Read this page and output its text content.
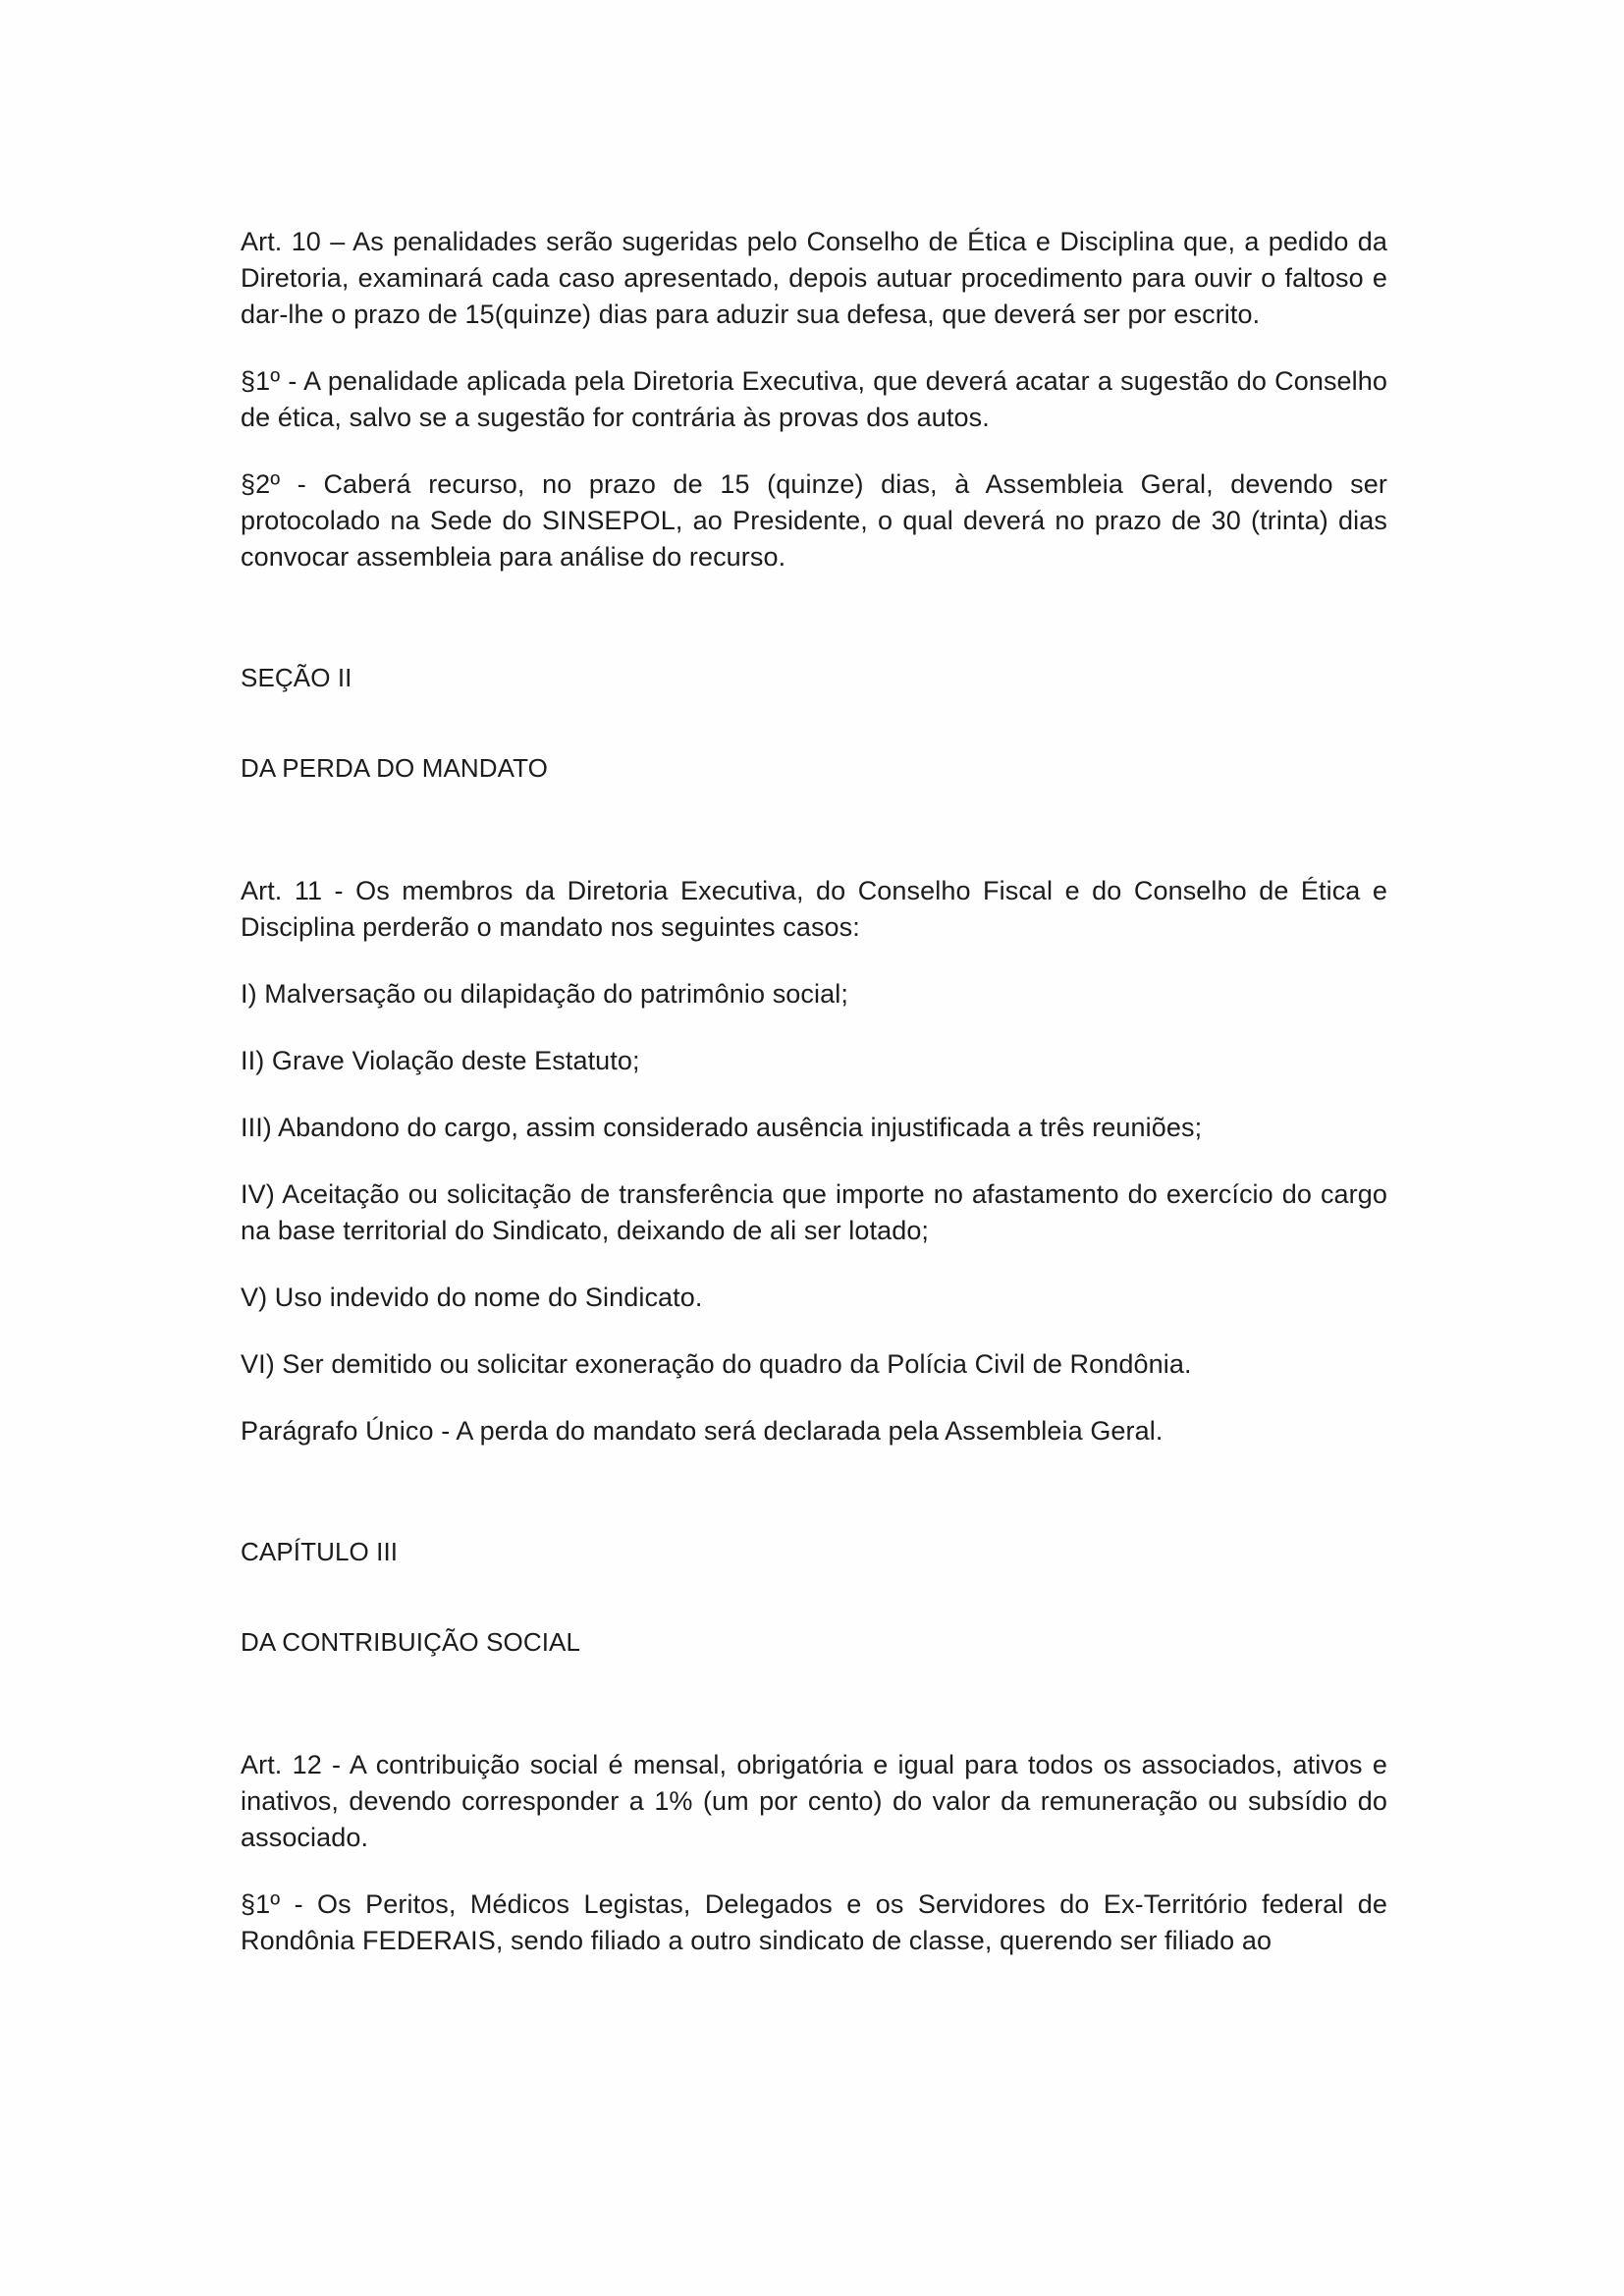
Art. 10 – As penalidades serão sugeridas pelo Conselho de Ética e Disciplina que, a pedido da Diretoria, examinará cada caso apresentado, depois autuar procedimento para ouvir o faltoso e dar-lhe o prazo de 15(quinze) dias para aduzir sua defesa, que deverá ser por escrito.

§1º - A penalidade aplicada pela Diretoria Executiva, que deverá acatar a sugestão do Conselho de ética, salvo se a sugestão for contrária às provas dos autos.

§2º - Caberá recurso, no prazo de 15 (quinze) dias, à Assembleia Geral, devendo ser protocolado na Sede do SINSEPOL, ao Presidente, o qual deverá no prazo de 30 (trinta) dias convocar assembleia para análise do recurso.

SEÇÃO II

DA PERDA DO MANDATO

Art. 11 - Os membros da Diretoria Executiva, do Conselho Fiscal e do Conselho de Ética e Disciplina perderão o mandato nos seguintes casos:

I) Malversação ou dilapidação do patrimônio social;

II) Grave Violação deste Estatuto;

III) Abandono do cargo, assim considerado ausência injustificada a três reuniões;

IV) Aceitação ou solicitação de transferência que importe no afastamento do exercício do cargo na base territorial do Sindicato, deixando de ali ser lotado;

V) Uso indevido do nome do Sindicato.

VI) Ser demitido ou solicitar exoneração do quadro da Polícia Civil de Rondônia.

Parágrafo Único - A perda do mandato será declarada pela Assembleia Geral.

CAPÍTULO III

DA CONTRIBUIÇÃO SOCIAL

Art. 12 - A contribuição social é mensal, obrigatória e igual para todos os associados, ativos e inativos, devendo corresponder a 1% (um por cento) do valor da remuneração ou subsídio do associado.

§1º - Os Peritos, Médicos Legistas, Delegados e os Servidores do Ex-Território federal de Rondônia FEDERAIS, sendo filiado a outro sindicato de classe, querendo ser filiado ao
